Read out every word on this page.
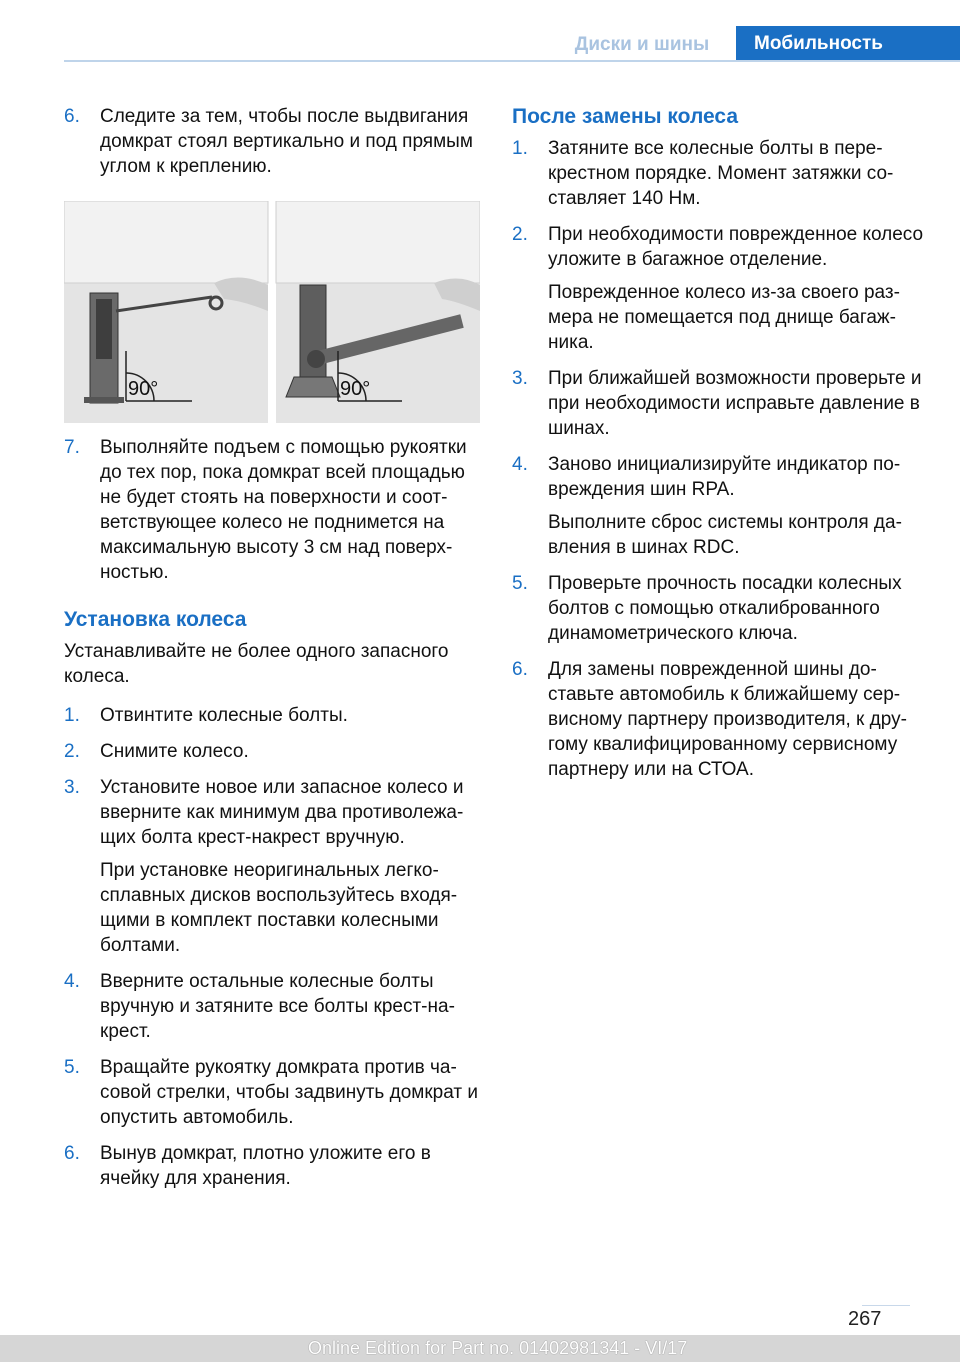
Диски и шины	Мобильность
6. Следите за тем, чтобы после выдвигания домкрат стоял вертикально и под прямым углом к креплению.
90°	90°
7. Выполняйте подъем с помощью рукоятки до тех пор, пока домкрат всей площадью не будет стоять на поверхности и соответствующее колесо не поднимется на максимальную высоту 3 см над поверхностью.
Установка колеса
Устанавливайте не более одного запасного колеса.
1. Отвинтите колесные болты.
2. Снимите колесо.
3. Установите новое или запасное колесо и вверните как минимум два противолежащих болта крест-накрест вручную.
При установке неоригинальных легкосплавных дисков воспользуйтесь входящими в комплект поставки колесными болтами.
4. Вверните остальные колесные болты вручную и затяните все болты крест-накрест.
5. Вращайте рукоятку домкрата против часовой стрелки, чтобы задвинуть домкрат и опустить автомобиль.
6. Вынув домкрат, плотно уложите его в ячейку для хранения.
После замены колеса
1. Затяните все колесные болты в перекрестном порядке. Момент затяжки составляет 140 Нм.
2. При необходимости поврежденное колесо уложите в багажное отделение.
Поврежденное колесо из-за своего размера не помещается под днище багажника.
3. При ближайшей возможности проверьте и при необходимости исправьте давление в шинах.
4. Заново инициализируйте индикатор повреждения шин RPA.
Выполните сброс системы контроля давления в шинах RDC.
5. Проверьте прочность посадки колесных болтов с помощью откалиброванного динамометрического ключа.
6. Для замены поврежденной шины доставьте автомобиль к ближайшему сервисному партнеру производителя, к другому квалифицированному сервисному партнеру или на СТОА.
267
Online Edition for Part no. 01402981341 - VI/17
